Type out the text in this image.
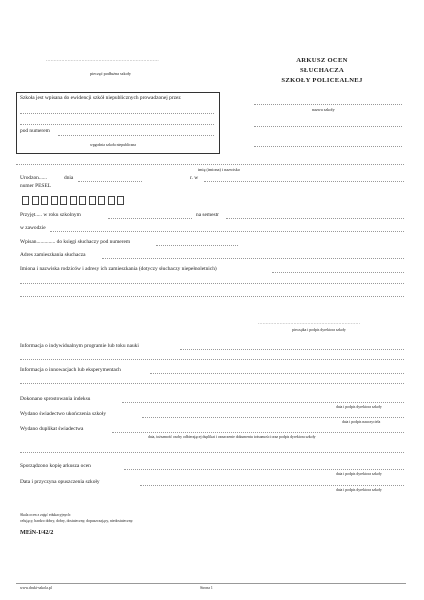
.........................................................................
pieczęć podłużna szkoły
ARKUSZ OCEN
SŁUCHACZA
SZKOŁY POLICEALNEJ
nazwa szkoły
Szkoła jest wpisana do ewidencji szkół niepublicznych prowadzonej przez
pod numerem
wpgodnia szkoła niepubliczna
imię (imiona) i nazwisko
Urodzon......	dnia	r. w
numer PESEL
Przyjęt..... w roku szkolnym	na semestr
w zawodzie
Wpisan.............. do księgi słuchaczy pod numerem
Adres zamieszkania słuchacza
Imiona i nazwiska rodziców i adresy ich zamieszkania (dotyczy słuchaczy niepełnoletnich)
..................................................................
pieczątka i podpis dyrektora szkoły
Informacja o indywidualnym programie lub toku nauki
Informacja o innowacjach lub eksperymentach
Dokonano sprostowania indeksu
data i podpis dyrektora szkoły
Wydano świadectwo ukończenia szkoły
data i podpis nauczyciela
Wydano duplikat świadectwa
data, tożsamość osoby odbierającej duplikat i oznaczenie dokumentu tożsamości oraz podpis dyrektora szkoły
Sporządzono kopię arkusza ocen
data i podpis dyrektora szkoły
Data i przyczyna opuszczenia szkoły
data i podpis dyrektora szkoły
Skala ocen z zajęć edukacyjnych:
celujący, bardzo dobry, dobry, dostateczny, dopuszczający, niedostateczny.
MEiN-I/42/2
www.druki-szkola.pl	Strona 1
